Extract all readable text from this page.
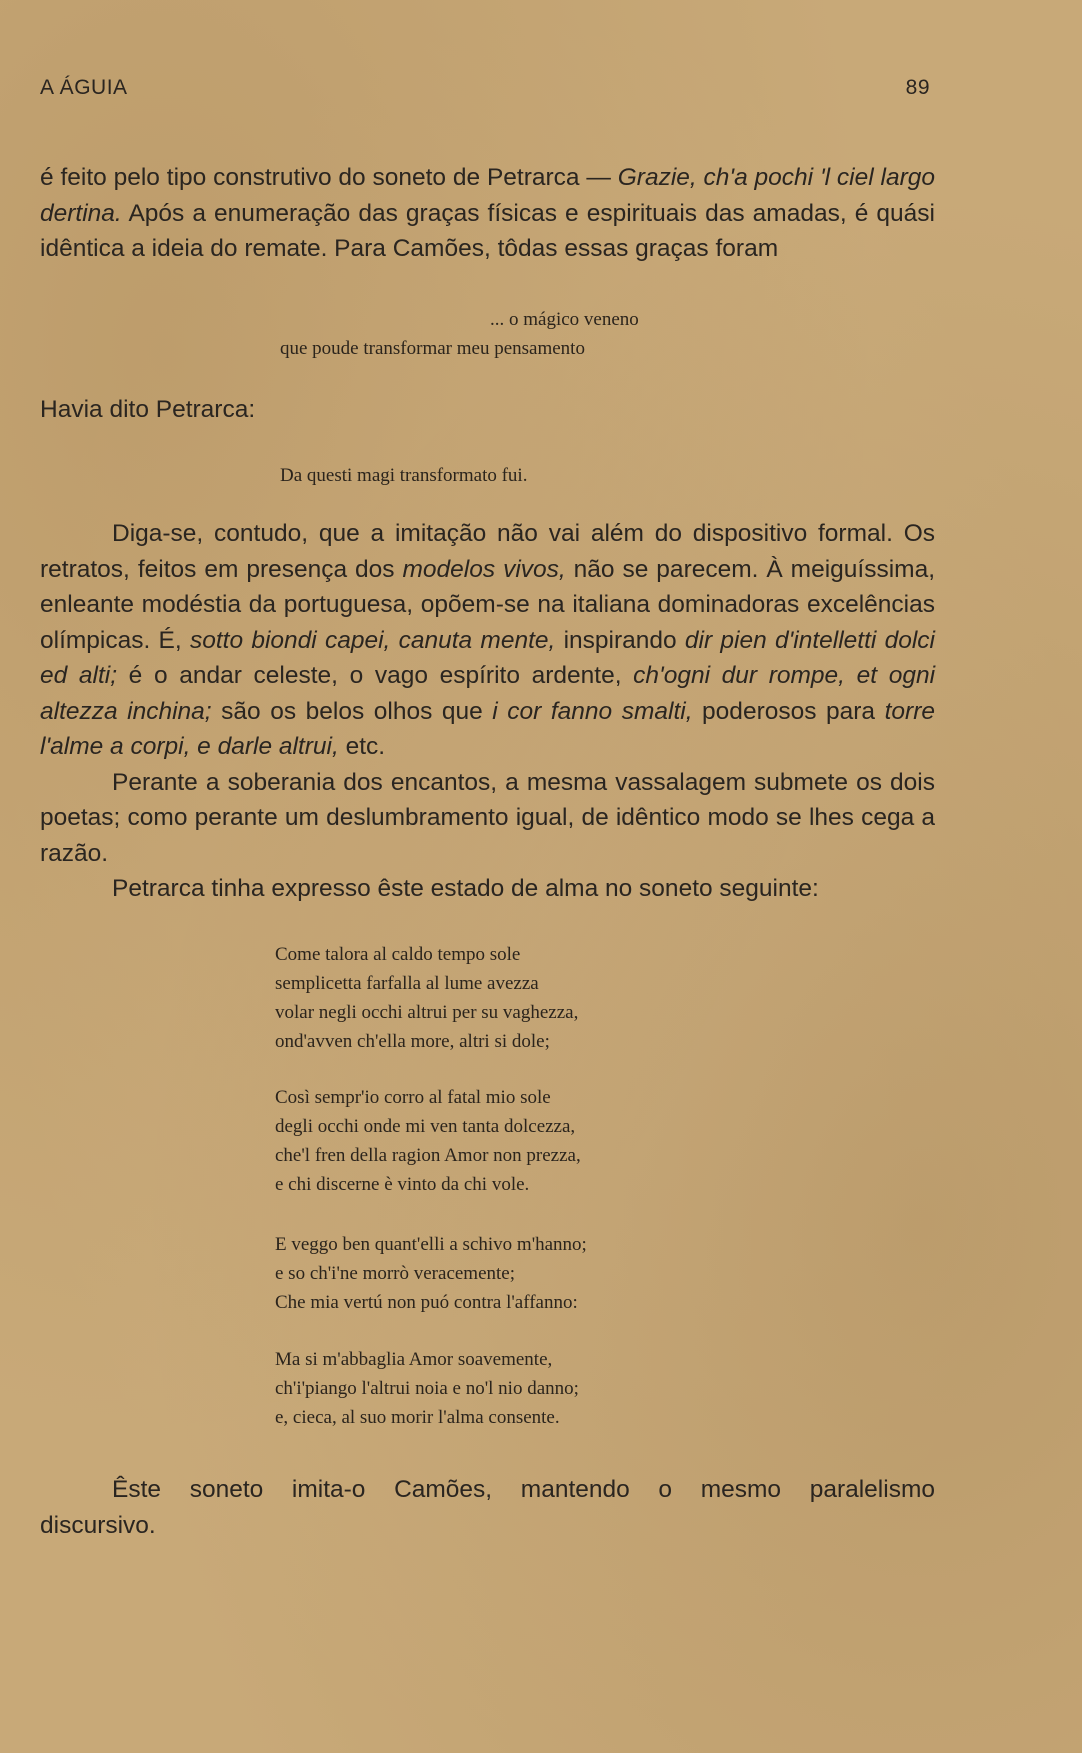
A ÁGUIA	89
é feito pelo tipo construtivo do soneto de Petrarca — Grazie, ch'a pochi 'l ciel largo dertina. Após a enumeração das graças físicas e espirituais das amadas, é quási idêntica a ideia do remate. Para Camões, tôdas essas graças foram
... o mágico veneno
que poude transformar meu pensamento
Havia dito Petrarca:
Da questi magi transformato fui.
Diga-se, contudo, que a imitação não vai além do dispositivo formal. Os retratos, feitos em presença dos modelos vivos, não se parecem. À meiguíssima, enleante modéstia da portuguesa, opõem-se na italiana dominadoras excelências olímpicas. É, sotto biondi capei, canuta mente, inspirando dir pien d'intelletti dolci ed alti; é o andar celeste, o vago espírito ardente, ch'ogni dur rompe, et ogni altezza inchina; são os belos olhos que i cor fanno smalti, poderosos para torre l'alme a corpi, e darle altrui, etc.
Perante a soberania dos encantos, a mesma vassalagem submete os dois poetas; como perante um deslumbramento igual, de idêntico modo se lhes cega a razão.
Petrarca tinha expresso êste estado de alma no soneto seguinte:
Come talora al caldo tempo sole
semplicetta farfalla al lume avezza
volar negli occhi altrui per su vaghezza,
ond'avven ch'ella more, altri si dole;
Così sempr'io corro al fatal mio sole
degli occhi onde mi ven tanta dolcezza,
che'l fren della ragion Amor non prezza,
e chi discerne è vinto da chi vole.
E veggo ben quant'elli a schivo m'hanno;
e so ch'i'ne morrò veracemente;
Che mia vertú non puó contra l'affanno:
Ma si m'abbaglia Amor soavemente,
ch'i'piango l'altrui noia e no'l nio danno;
e, cieca, al suo morir l'alma consente.
Êste soneto imita-o Camões, mantendo o mesmo paralelismo
discursivo.
